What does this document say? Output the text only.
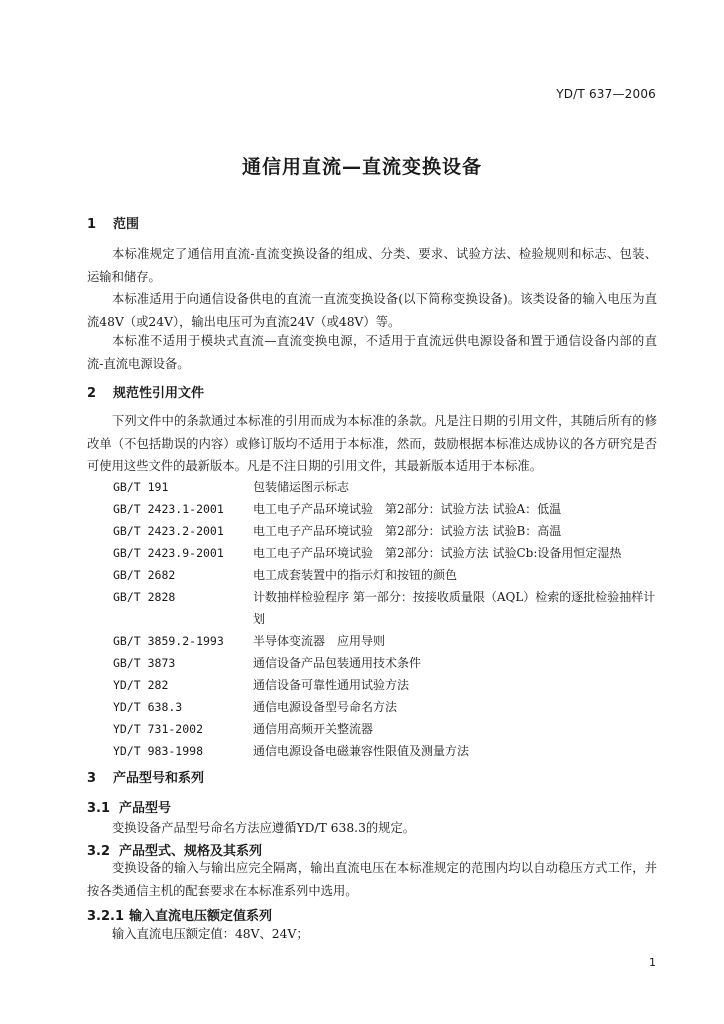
YD/T 637—2006
通信用直流—直流变换设备
1 范围
本标准规定了通信用直流-直流变换设备的组成、分类、要求、试验方法、检验规则和标志、包装、运输和储存。
本标准适用于向通信设备供电的直流一直流变换设备(以下简称变换设备)。该类设备的输入电压为直流48V（或24V），输出电压可为直流24V（或48V）等。
本标准不适用于模块式直流—直流变换电源，不适用于直流远供电源设备和置于通信设备内部的直流-直流电源设备。
2 规范性引用文件
下列文件中的条款通过本标准的引用而成为本标准的条款。凡是注日期的引用文件，其随后所有的修改单（不包括勘误的内容）或修订版均不适用于本标准，然而，鼓励根据本标准达成协议的各方研究是否可使用这些文件的最新版本。凡是不注日期的引用文件，其最新版本适用于本标准。
GB/T 191	包装储运图示标志
GB/T 2423.1-2001 电工电子产品环境试验　第2部分：试验方法 试验A：低温
GB/T 2423.2-2001 电工电子产品环境试验　第2部分：试验方法 试验B：高温
GB/T 2423.9-2001 电工电子产品环境试验　第2部分：试验方法 试验Cb:设备用恒定湿热
GB/T 2682	电工成套装置中的指示灯和按钮的颜色
GB/T 2828	计数抽样检验程序 第一部分：按接收质量限（AQL）检索的逐批检验抽样计划
GB/T 3859.2-1993 半导体变流器　应用导则
GB/T 3873	通信设备产品包装通用技术条件
YD/T 282	通信设备可靠性通用试验方法
YD/T 638.3	通信电源设备型号命名方法
YD/T 731-2002	通信用高频开关整流器
YD/T 983-1998	通信电源设备电磁兼容性限值及测量方法
3 产品型号和系列
3.1 产品型号
变换设备产品型号命名方法应遵循YD/T 638.3的规定。
3.2 产品型式、规格及其系列
变换设备的输入与输出应完全隔离，输出直流电压在本标准规定的范围内均以自动稳压方式工作，并按各类通信主机的配套要求在本标准系列中选用。
3.2.1 输入直流电压额定值系列
输入直流电压额定值：48V、24V；
1
